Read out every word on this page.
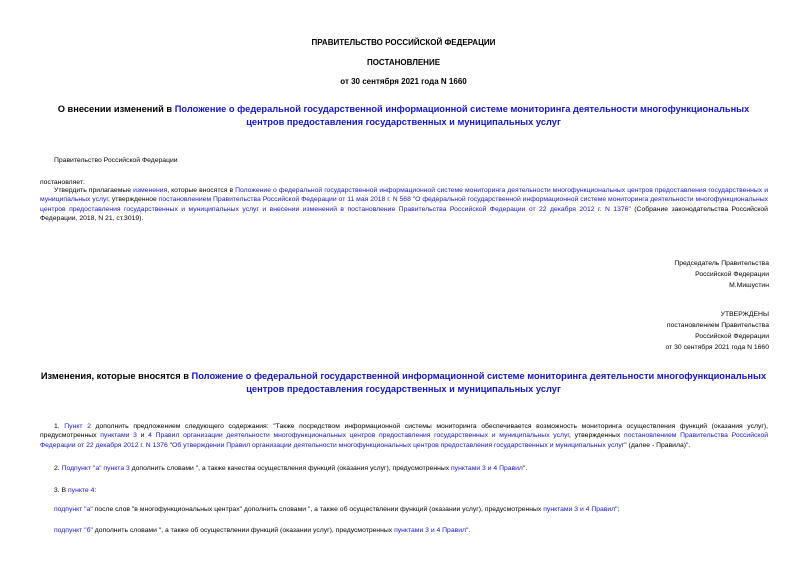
ПРАВИТЕЛЬСТВО РОССИЙСКОЙ ФЕДЕРАЦИИ
ПОСТАНОВЛЕНИЕ
от 30 сентября 2021 года N 1660
О внесении изменений в Положение о федеральной государственной информационной системе мониторинга деятельности многофункциональных центров предоставления государственных и муниципальных услуг
Правительство Российской Федерации
постановляет:
Утвердить прилагаемые изменения, которые вносятся в Положение о федеральной государственной информационной системе мониторинга деятельности многофункциональных центров предоставления государственных и муниципальных услуг, утвержденное постановлением Правительства Российской Федерации от 11 мая 2018 г. N 568 "О федеральной государственной информационной системе мониторинга деятельности многофункциональных центров предоставления государственных и муниципальных услуг и внесении изменений в постановление Правительства Российской Федерации от 22 декабря 2012 г. N 1376" (Собрание законодательства Российской Федерации, 2018, N 21, ст.3019).
Председатель Правительства
Российской Федерации
М.Мишустин
УТВЕРЖДЕНЫ
постановлением Правительства
Российской Федерации
от 30 сентября 2021 года N 1660
Изменения, которые вносятся в Положение о федеральной государственной информационной системе мониторинга деятельности многофункциональных центров предоставления государственных и муниципальных услуг
1. Пункт 2 дополнить предложением следующего содержания: "Также посредством информационной системы мониторинга обеспечивается возможность мониторинга осуществления функций (оказания услуг), предусмотренных пунктами 3 и 4 Правил организации деятельности многофункциональных центров предоставления государственных и муниципальных услуг, утвержденных постановлением Правительства Российской Федерации от 22 декабря 2012 г. N 1376 "Об утверждении Правил организации деятельности многофункциональных центров предоставления государственных и муниципальных услуг" (далее - Правила)".
2. Подпункт "а" пункта 3 дополнить словами ", а также качества осуществления функций (оказания услуг), предусмотренных пунктами 3 и 4 Правил".
3. В пункте 4:
подпункт "а" после слов "в многофункциональных центрах" дополнить словами ", а также об осуществлении функций (оказании услуг), предусмотренных пунктами 3 и 4 Правил";
подпункт "б" дополнить словами ", а также об осуществлении функций (оказании услуг), предусмотренных пунктами 3 и 4 Правил".
